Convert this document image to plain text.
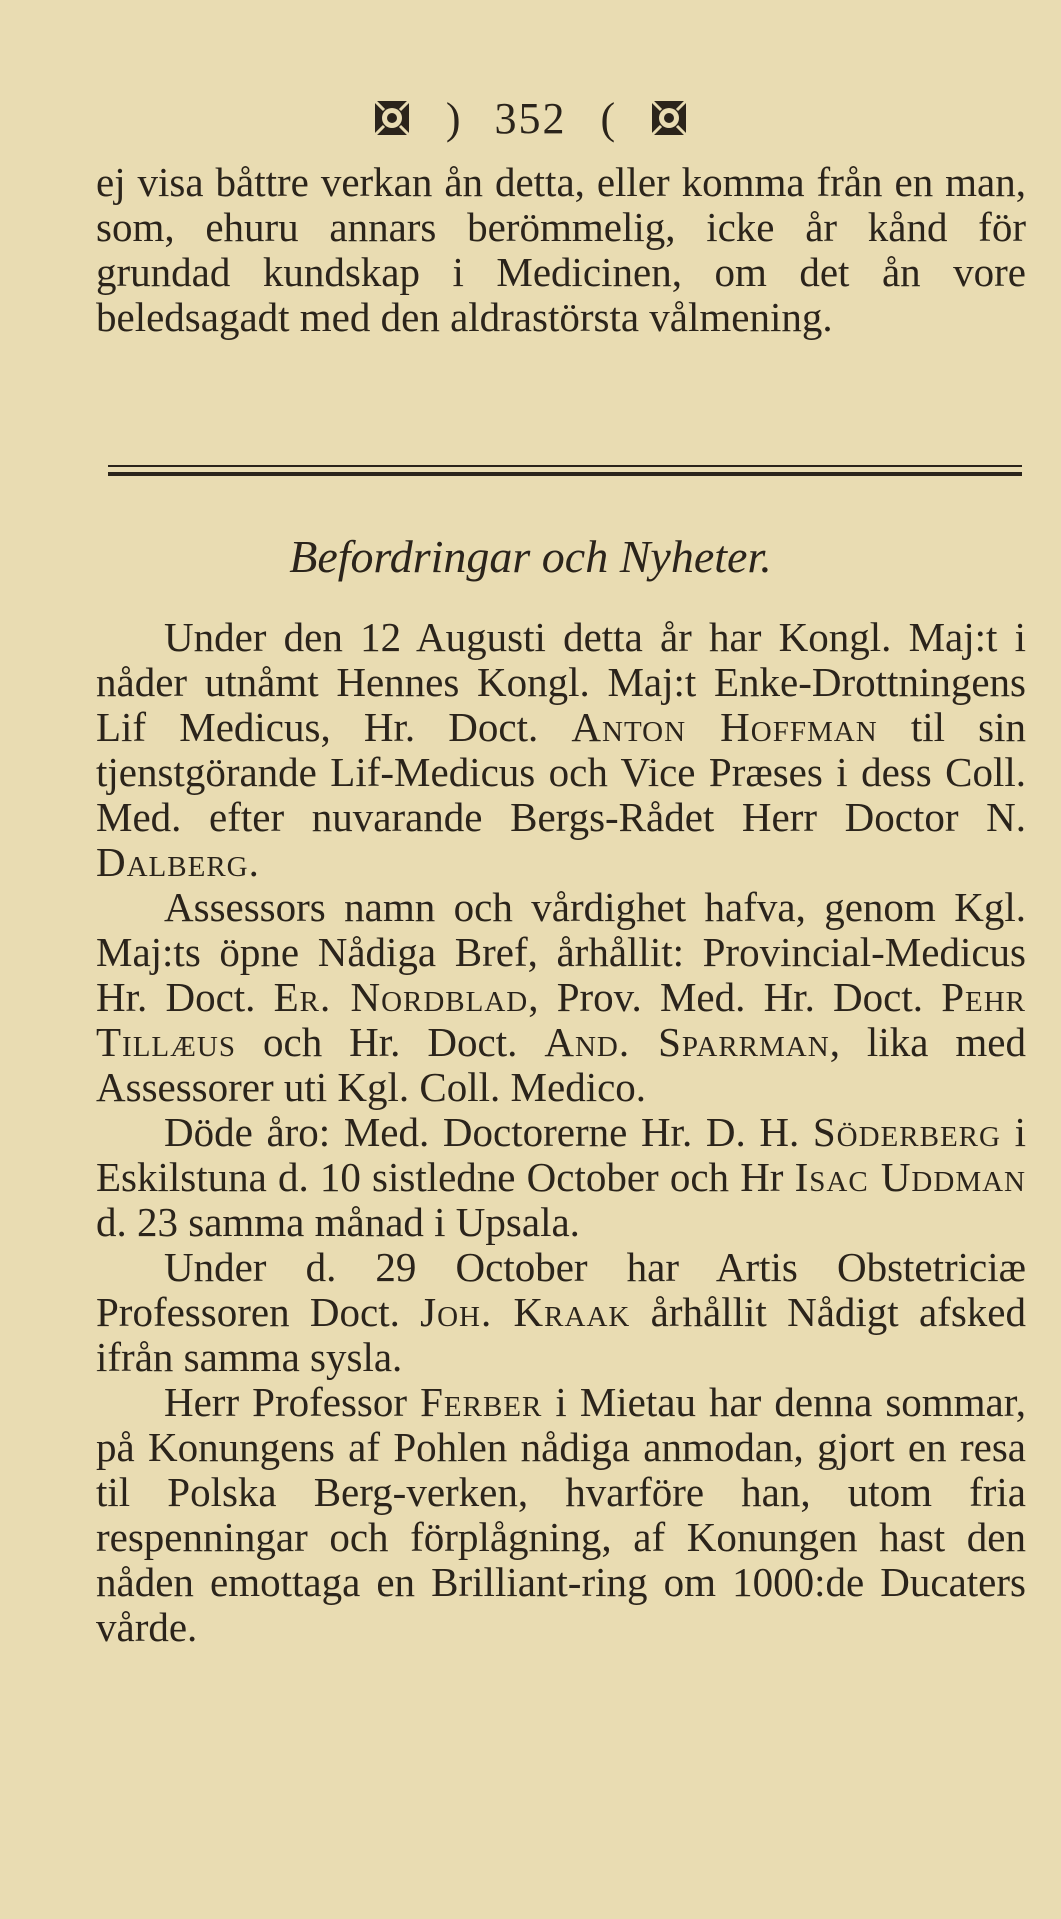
) 352 (

ej visa båttre verkan ån detta, eller komma från en man, som, ehuru annars berömmelig, icke år kånd för grundad kundskap i Medicinen, om det ån vore beledsagadt med den aldrastörsta vålmening.

Befordringar och Nyheter.

Under den 12 Augusti detta år har Kongl. Maj:t i nåder utnåmt Hennes Kongl. Maj:t Enke-Drottningens Lif Medicus, Hr. Doct. Anton Hoffman til sin tjenstgörande Lif-Medicus och Vice Præses i dess Coll. Med. efter nuvarande Bergs-Rådet Herr Doctor N. Dalberg.

Assessors namn och vårdighet hafva, genom Kgl. Maj:ts öpne Nådiga Bref, århållit: Provincial-Medicus Hr. Doct. Er. Nordblad, Prov. Med. Hr. Doct. Pehr Tillæus och Hr. Doct. And. Sparrman, lika med Assessorer uti Kgl. Coll. Medico.

Döde åro: Med. Doctorerne Hr. D. H. Söderberg i Eskilstuna d. 10 sistledne October och Hr Isac Uddman d. 23 samma månad i Upsala.

Under d. 29 October har Artis Obstetriciæ Professoren Doct. Joh. Kraak århållit Nådigt afsked ifrån samma sysla.

Herr Professor Ferber i Mietau har denna sommar, på Konungens af Pohlen nådiga anmodan, gjort en resa til Polska Berg-verken, hvarföre han, utom fria respenningar och förplågning, af Konungen hast den nåden emottaga en Brilliant-ring om 1000:de Ducaters vårde.
